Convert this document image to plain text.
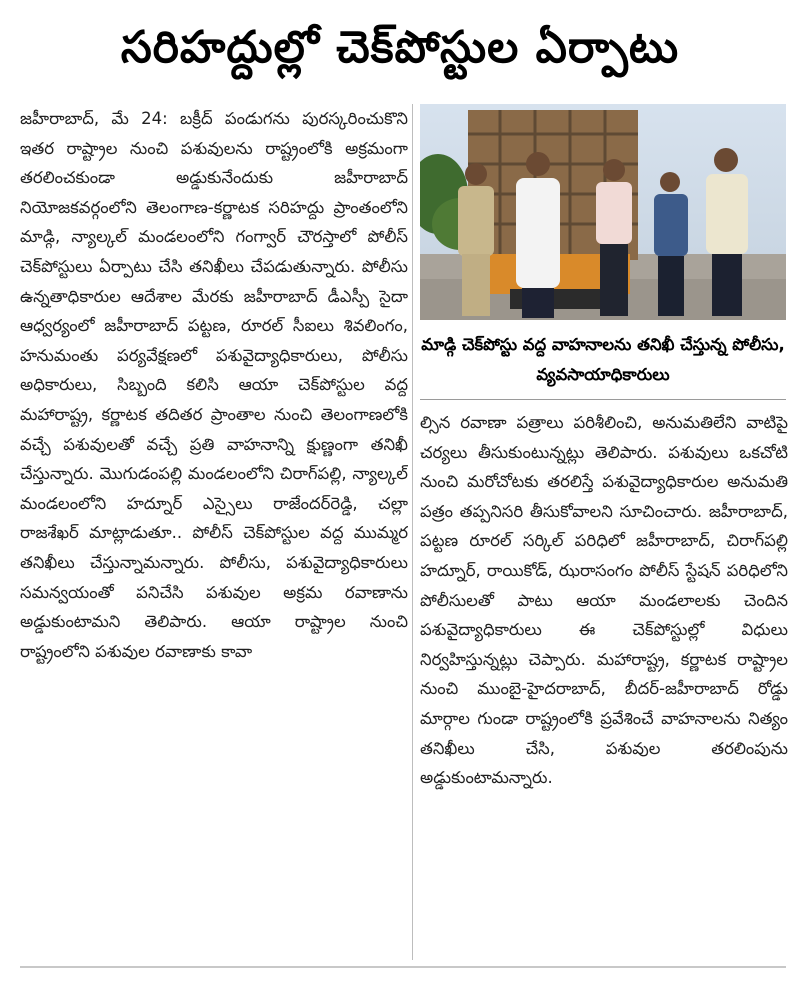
సరిహద్దుల్లో చెక్‌పోస్టుల ఏర్పాటు
జహీరాబాద్, మే 24: బక్రీద్ పండుగను పురస్కరించుకొని ఇతర రాష్ట్రాల నుంచి పశువులను రాష్ట్రంలోకి అక్రమంగా తరలించకుండా అడ్డుకునేందుకు జహీరాబాద్ నియోజకవర్గంలోని తెలంగాణ-కర్ణాటక సరిహద్దు ప్రాంతంలోని మాడ్గి, న్యాల్కల్ మండలంలోని గంగ్వార్ చౌరస్తాలో పోలీస్ చెక్‌పోస్టులు ఏర్పాటు చేసి తనిఖీలు చేపడుతున్నారు. పోలీసు ఉన్నతాధికారుల ఆదేశాల మేరకు జహీరాబాద్ డీఎస్పీ సైదా ఆధ్వర్యంలో జహీరాబాద్ పట్టణ, రూరల్ సీఐలు శివలింగం, హనుమంతు పర్యవేక్షణలో పశువైద్యాధికారులు, పోలీసు అధికారులు, సిబ్బంది కలిసి ఆయా చెక్‌పోస్టుల వద్ద మహారాష్ట్ర, కర్ణాటక తదితర ప్రాంతాల నుంచి తెలంగాణలోకి వచ్చే పశువులతో వచ్చే ప్రతి వాహనాన్ని క్షుణ్ణంగా తనిఖీ చేస్తున్నారు. మొగుడంపల్లి మండలంలోని చిరాగ్‌పల్లి, న్యాల్కల్ మండలంలోని హద్నూర్ ఎస్సైలు రాజేందర్‌రెడ్డి, చల్లా రాజశేఖర్ మాట్లాడుతూ.. పోలీస్ చెక్‌పోస్టుల వద్ద ముమ్మర తనిఖీలు చేస్తున్నామన్నారు. పోలీసు, పశువైద్యాధికారులు సమన్వయంతో పనిచేసి పశువుల అక్రమ రవాణాను అడ్డుకుంటామని తెలిపారు. ఆయా రాష్ట్రాల నుంచి రాష్ట్రంలోని పశువుల రవాణాకు కావా
మాడ్గి చెక్‌పోస్టు వద్ద వాహనాలను తనిఖీ చేస్తున్న పోలీసు, వ్యవసాయాధికారులు
ల్సిన రవాణా పత్రాలు పరిశీలించి, అనుమతిలేని వాటిపై చర్యలు తీసుకుంటున్నట్లు తెలిపారు. పశువులు ఒకచోటి నుంచి మరోచోటకు తరలిస్తే పశువైద్యాధికారుల అనుమతి పత్రం తప్పనిసరి తీసుకోవాలని సూచించారు. జహీరాబాద్, పట్టణ రూరల్ సర్కిల్ పరిధిలో జహీరాబాద్, చిరాగ్‌పల్లి హద్నూర్, రాయికోడ్, ఝరాసంగం పోలీస్ స్టేషన్ పరిధిలోని పోలీసులతో పాటు ఆయా మండలాలకు చెందిన పశువైద్యాధికారులు ఈ చెక్‌పోస్టుల్లో విధులు నిర్వహిస్తున్నట్లు చెప్పారు. మహారాష్ట్ర, కర్ణాటక రాష్ట్రాల నుంచి ముంబై-హైదరాబాద్, బీదర్-జహీరాబాద్ రోడ్డు మార్గాల గుండా రాష్ట్రంలోకి ప్రవేశించే వాహనాలను నిత్యం తనిఖీలు చేసి, పశువుల తరలింపును అడ్డుకుంటామన్నారు.
